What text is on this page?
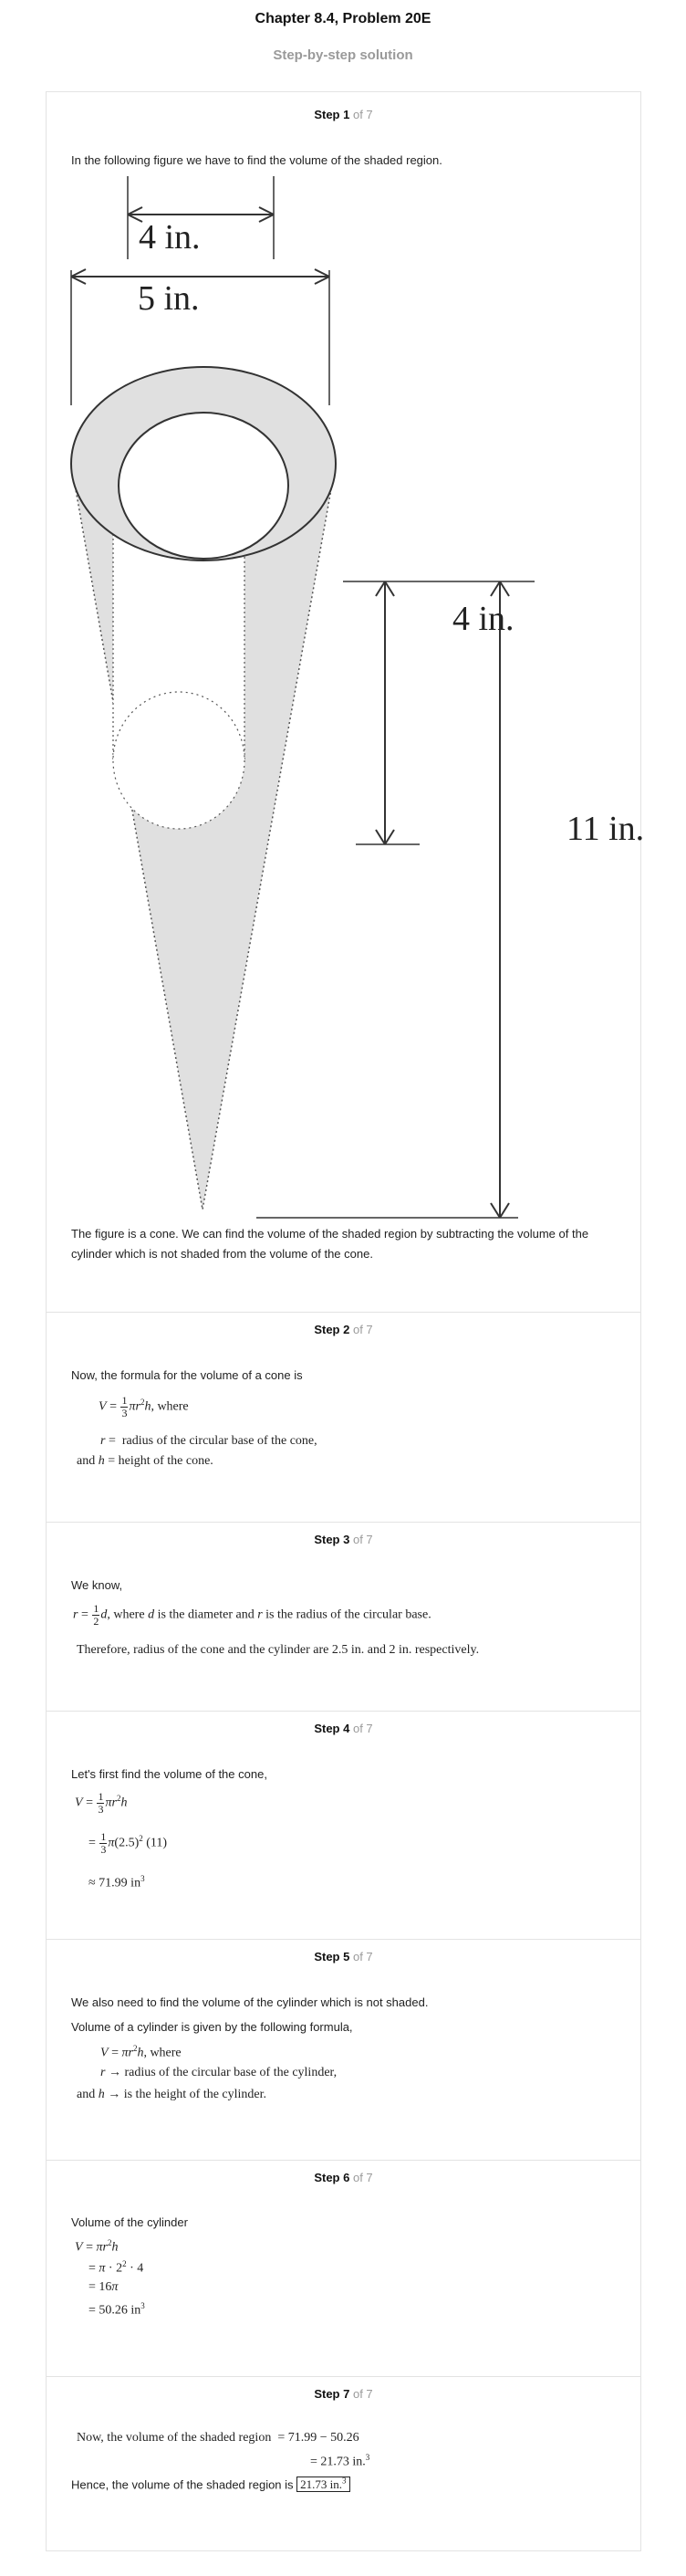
Chapter 8.4, Problem 20E
Step-by-step solution
Step 1 of 7
In the following figure we have to find the volume of the shaded region.
4 in.
5 in.
4 in.
11 in.
The figure is a cone. We can find the volume of the shaded region by subtracting the volume of the cylinder which is not shaded from the volume of the cone.
Step 2 of 7
Now, the formula for the volume of a cone is
$V = \frac{1}{3} \pi r^2h$, where
r =  radius of the circular base of the cone,
and h = height of the cone.
Step 3 of 7
We know,
$r = \frac{1}{2} d$, where d is the diameter and r is the radius of the circular base.
Therefore, radius of the cone and the cylinder are 2.5 in. and 2 in. respectively.
Step 4 of 7
Let's first find the volume of the cone,
$V = \frac{1}{3} \pi r^2h$
= $\frac{1}{3} \pi(2.5)^2$ (11)
≈ 71.99 $in^3$
Step 5 of 7
We also need to find the volume of the cylinder which is not shaded.
Volume of a cylinder is given by the following formula,
$V = \pi r^2h$, where
r → radius of the circular base of the cylinder,
and h → is the height of the cylinder.
Step 6 of 7
Volume of the cylinder
$V = \pi r^2h$
= $\pi \cdot 2^2 \cdot 4$
= 16π
= 50.26 $in^3$
Step 7 of 7
Now, the volume of the shaded region = 71.99 − 50.26
= 21.73 in.$^3$
Hence, the volume of the shaded region is 21.73 in.$^3$
